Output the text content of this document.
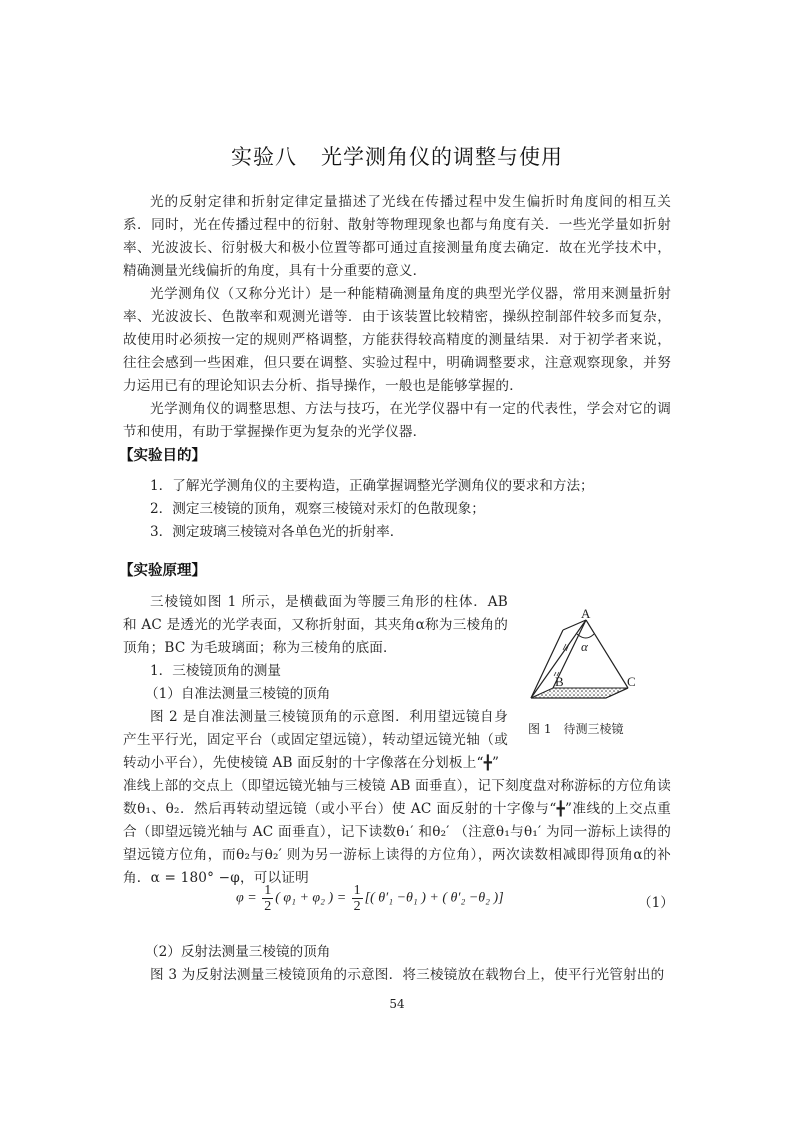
实验八 光学测角仪的调整与使用
光的反射定律和折射定律定量描述了光线在传播过程中发生偏折时角度间的相互关系．同时，光在传播过程中的衍射、散射等物理现象也都与角度有关．一些光学量如折射率、光波波长、衍射极大和极小位置等都可通过直接测量角度去确定．故在光学技术中，精确测量光线偏折的角度，具有十分重要的意义．
光学测角仪（又称分光计）是一种能精确测量角度的典型光学仪器，常用来测量折射率、光波波长、色散率和观测光谱等．由于该装置比较精密，操纵控制部件较多而复杂，故使用时必须按一定的规则严格调整，方能获得较高精度的测量结果．对于初学者来说，往往会感到一些困难，但只要在调整、实验过程中，明确调整要求，注意观察现象，并努力运用已有的理论知识去分析、指导操作，一般也是能够掌握的．
光学测角仪的调整思想、方法与技巧，在光学仪器中有一定的代表性，学会对它的调节和使用，有助于掌握操作更为复杂的光学仪器．
【实验目的】
1．了解光学测角仪的主要构造，正确掌握调整光学测角仪的要求和方法；
2．测定三棱镜的顶角，观察三棱镜对汞灯的色散现象；
3．测定玻璃三棱镜对各单色光的折射率．
【实验原理】
三棱镜如图 1 所示，是横截面为等腰三角形的柱体．AB 和 AC 是透光的光学表面，又称折射面，其夹角α称为三棱角的顶角；BC 为毛玻璃面；称为三棱角的底面．
1．三棱镜顶角的测量
（1）自准法测量三棱镜的顶角
图 2 是自准法测量三棱镜顶角的示意图．利用望远镜自身产生平行光，固定平台（或固定望远镜），转动望远镜光轴（或转动小平台），先使棱镜 AB 面反射的十字像落在分划板上“╋”
准线上部的交点上（即望远镜光轴与三棱镜 AB 面垂直），记下刻度盘对称游标的方位角读数θ₁、θ₂．然后再转动望远镜（或小平台）使 AC 面反射的十字像与“╋”准线的上交点重合（即望远镜光轴与 AC 面垂直），记下读数θ₁′ 和θ₂′ （注意θ₁与θ₁′ 为同一游标上读得的望远镜方位角，而θ₂与θ₂′ 则为另一游标上读得的方位角），两次读数相减即得顶角α的补角．α = 180° −φ，可以证明
A
B	C
α
图 1　待测三棱镜
$\varphi = \frac{1}{2}$ ( φ₁ + φ₂ ) = $\frac{1}{2}$ [( θ′₁ −θ₁ ) + ( θ′₂ −θ₂ )]	（1）
（2）反射法测量三棱镜的顶角
图 3 为反射法测量三棱镜顶角的示意图．将三棱镜放在载物台上，使平行光管射出的
54
